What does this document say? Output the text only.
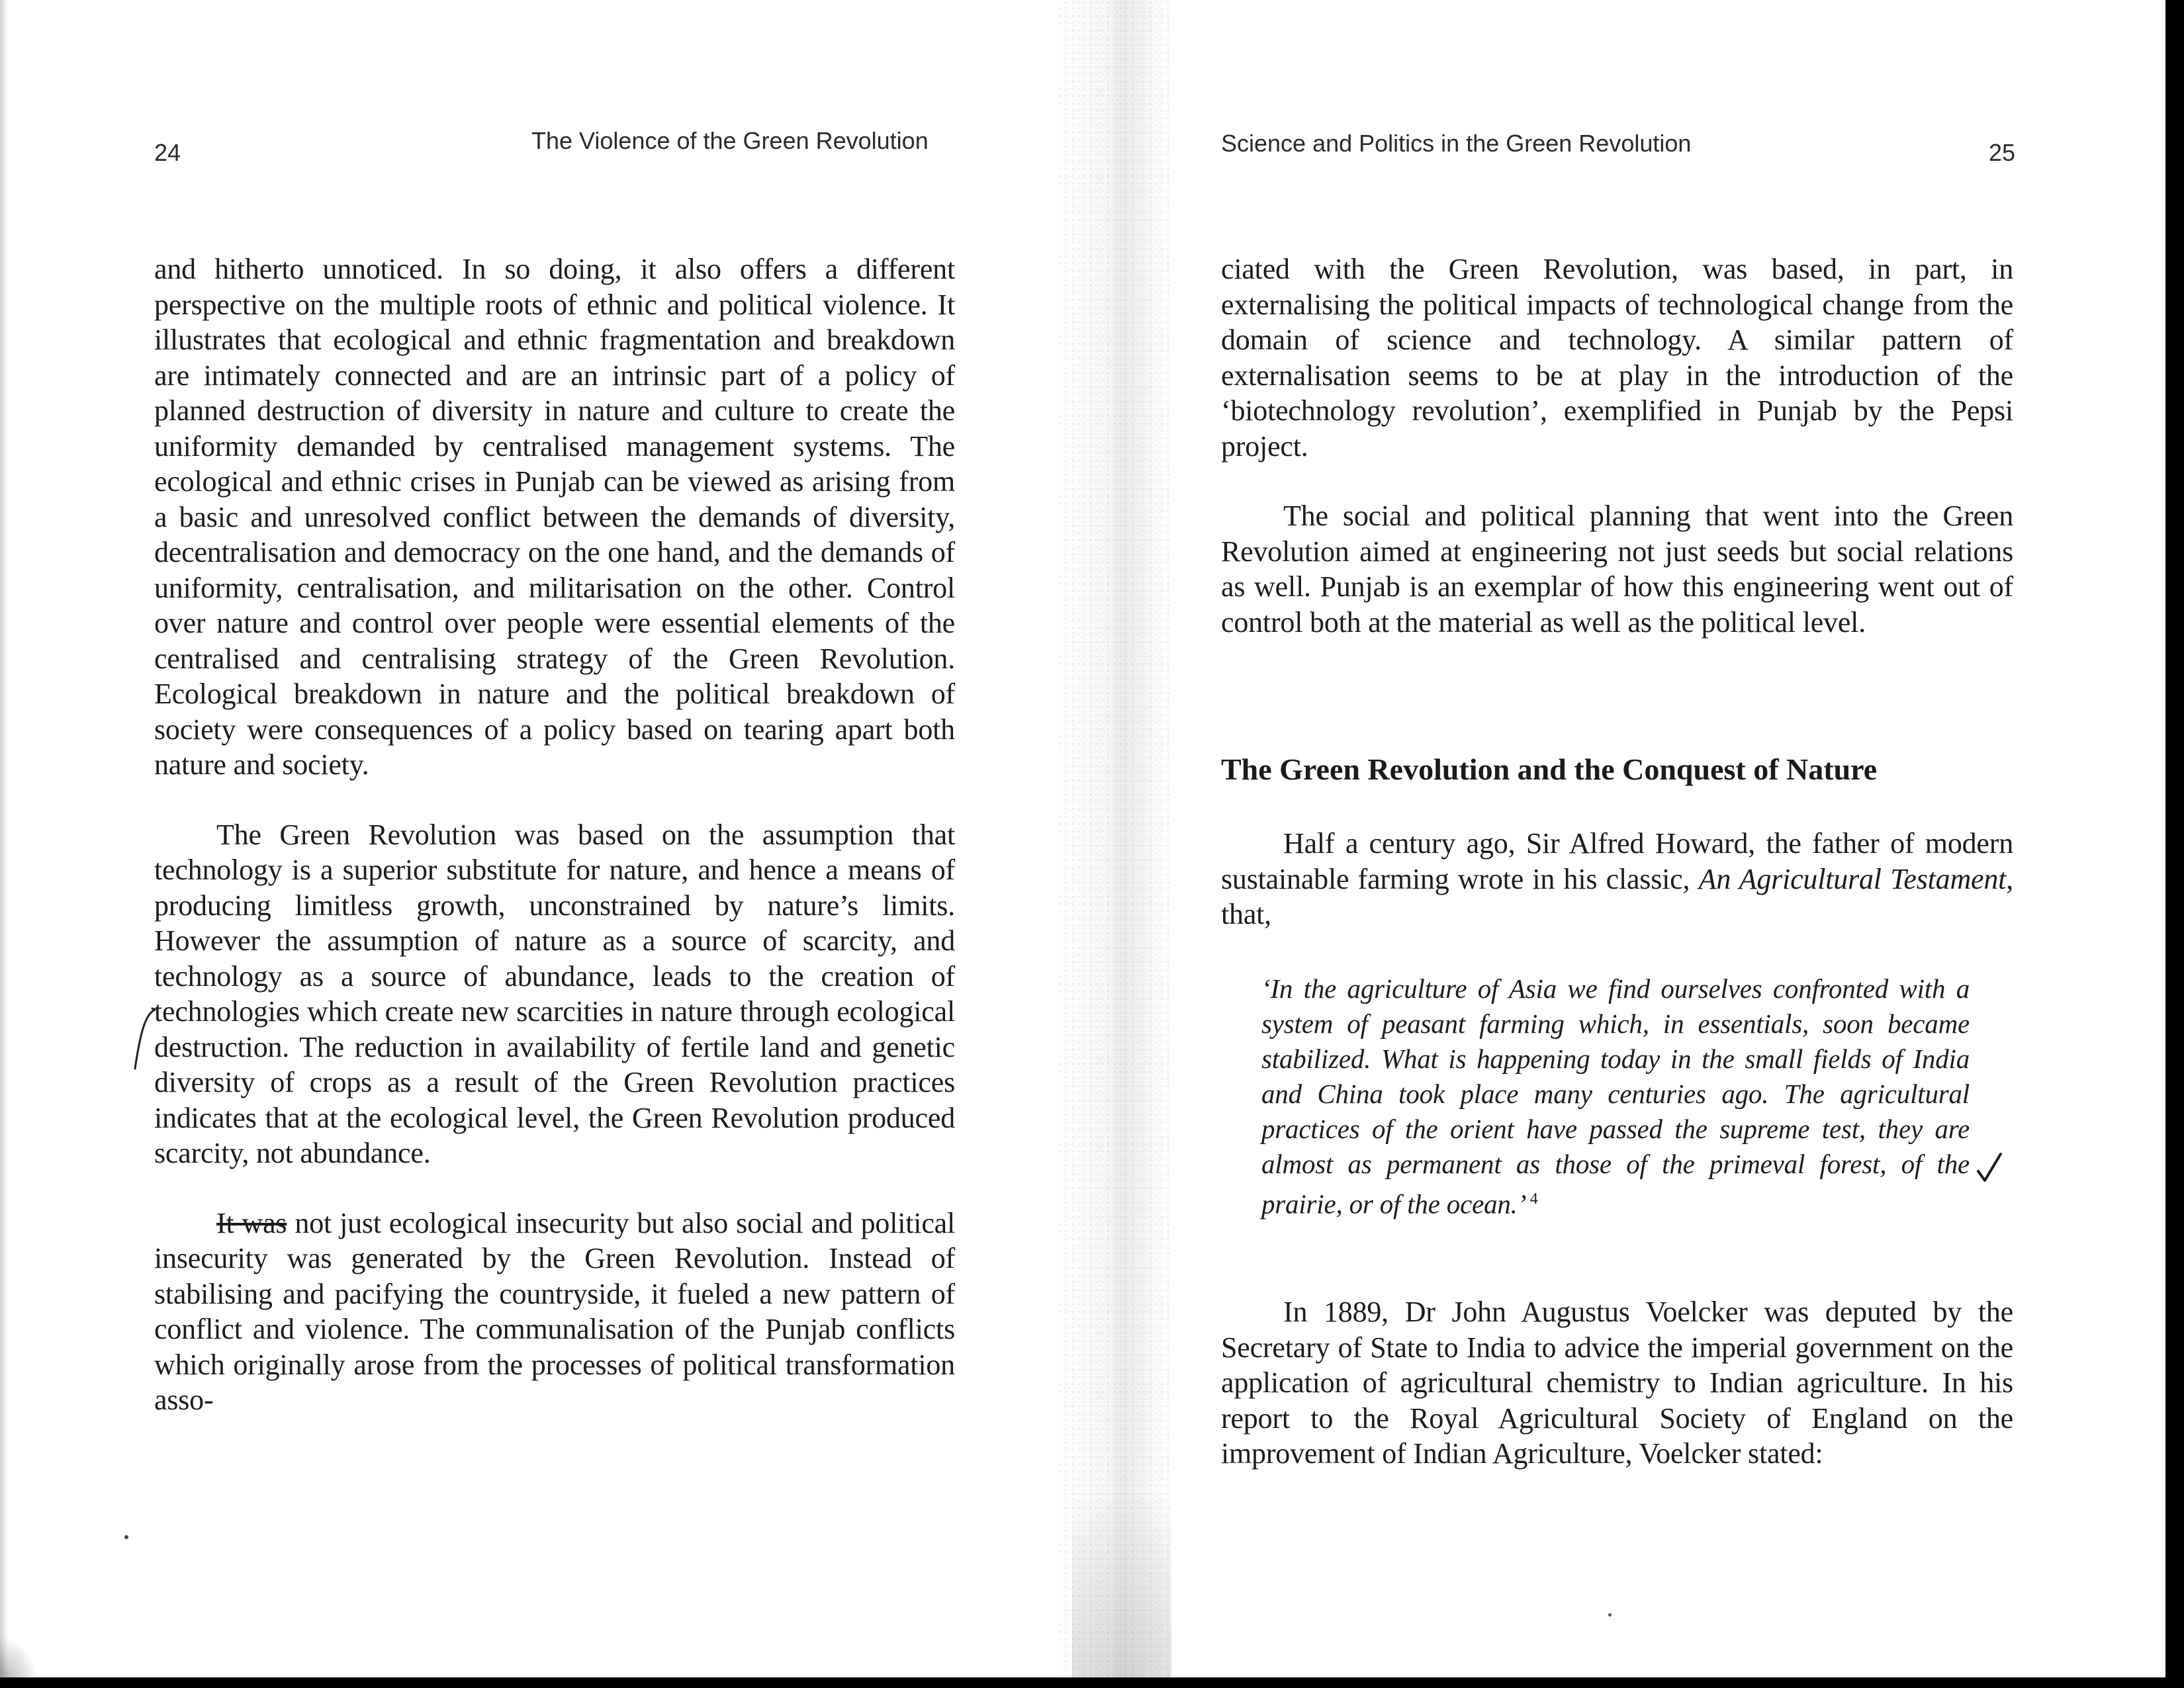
24	The Violence of the Green Revolution

and hitherto unnoticed. In so doing, it also offers a different perspective on the multiple roots of ethnic and political violence. It illustrates that ecological and ethnic fragmentation and breakdown are intimately connected and are an intrinsic part of a policy of planned destruction of diversity in nature and culture to create the uniformity demanded by centralised management systems. The ecological and ethnic crises in Punjab can be viewed as arising from a basic and unresolved conflict between the demands of diversity, decentralisation and democracy on the one hand, and the demands of uniformity, centralisation, and militarisation on the other. Control over nature and control over people were essential elements of the centralised and centralising strategy of the Green Revolution. Ecological breakdown in nature and the political breakdown of society were consequences of a policy based on tearing apart both nature and society.

The Green Revolution was based on the assumption that technology is a superior substitute for nature, and hence a means of producing limitless growth, unconstrained by nature’s limits. However the assumption of nature as a source of scarcity, and technology as a source of abundance, leads to the creation of technologies which create new scarcities in nature through ecological destruction. The reduction in availability of fertile land and genetic diversity of crops as a result of the Green Revolution practices indicates that at the ecological level, the Green Revolution produced scarcity, not abundance.

It was not just ecological insecurity but also social and political insecurity was generated by the Green Revolution. Instead of stabilising and pacifying the countryside, it fueled a new pattern of conflict and violence. The communalisation of the Punjab conflicts which originally arose from the processes of political transformation asso-

Science and Politics in the Green Revolution	25

ciated with the Green Revolution, was based, in part, in externalising the political impacts of technological change from the domain of science and technology. A similar pattern of externalisation seems to be at play in the introduction of the ‘biotechnology revolution’, exemplified in Punjab by the Pepsi project.

The social and political planning that went into the Green Revolution aimed at engineering not just seeds but social relations as well. Punjab is an exemplar of how this engineering went out of control both at the material as well as the political level.

The Green Revolution and the Conquest of Nature

Half a century ago, Sir Alfred Howard, the father of modern sustainable farming wrote in his classic, An Agricultural Testament, that,

‘In the agriculture of Asia we find ourselves confronted with a system of peasant farming which, in essentials, soon became stabilized. What is happening today in the small fields of India and China took place many centuries ago. The agricultural practices of the orient have passed the supreme test, they are almost as permanent as those of the primeval forest, of the prairie, or of the ocean.’ $^4$

In 1889, Dr John Augustus Voelcker was deputed by the Secretary of State to India to advice the imperial government on the application of agricultural chemistry to Indian agriculture. In his report to the Royal Agricultural Society of England on the improvement of Indian Agriculture, Voelcker stated:
